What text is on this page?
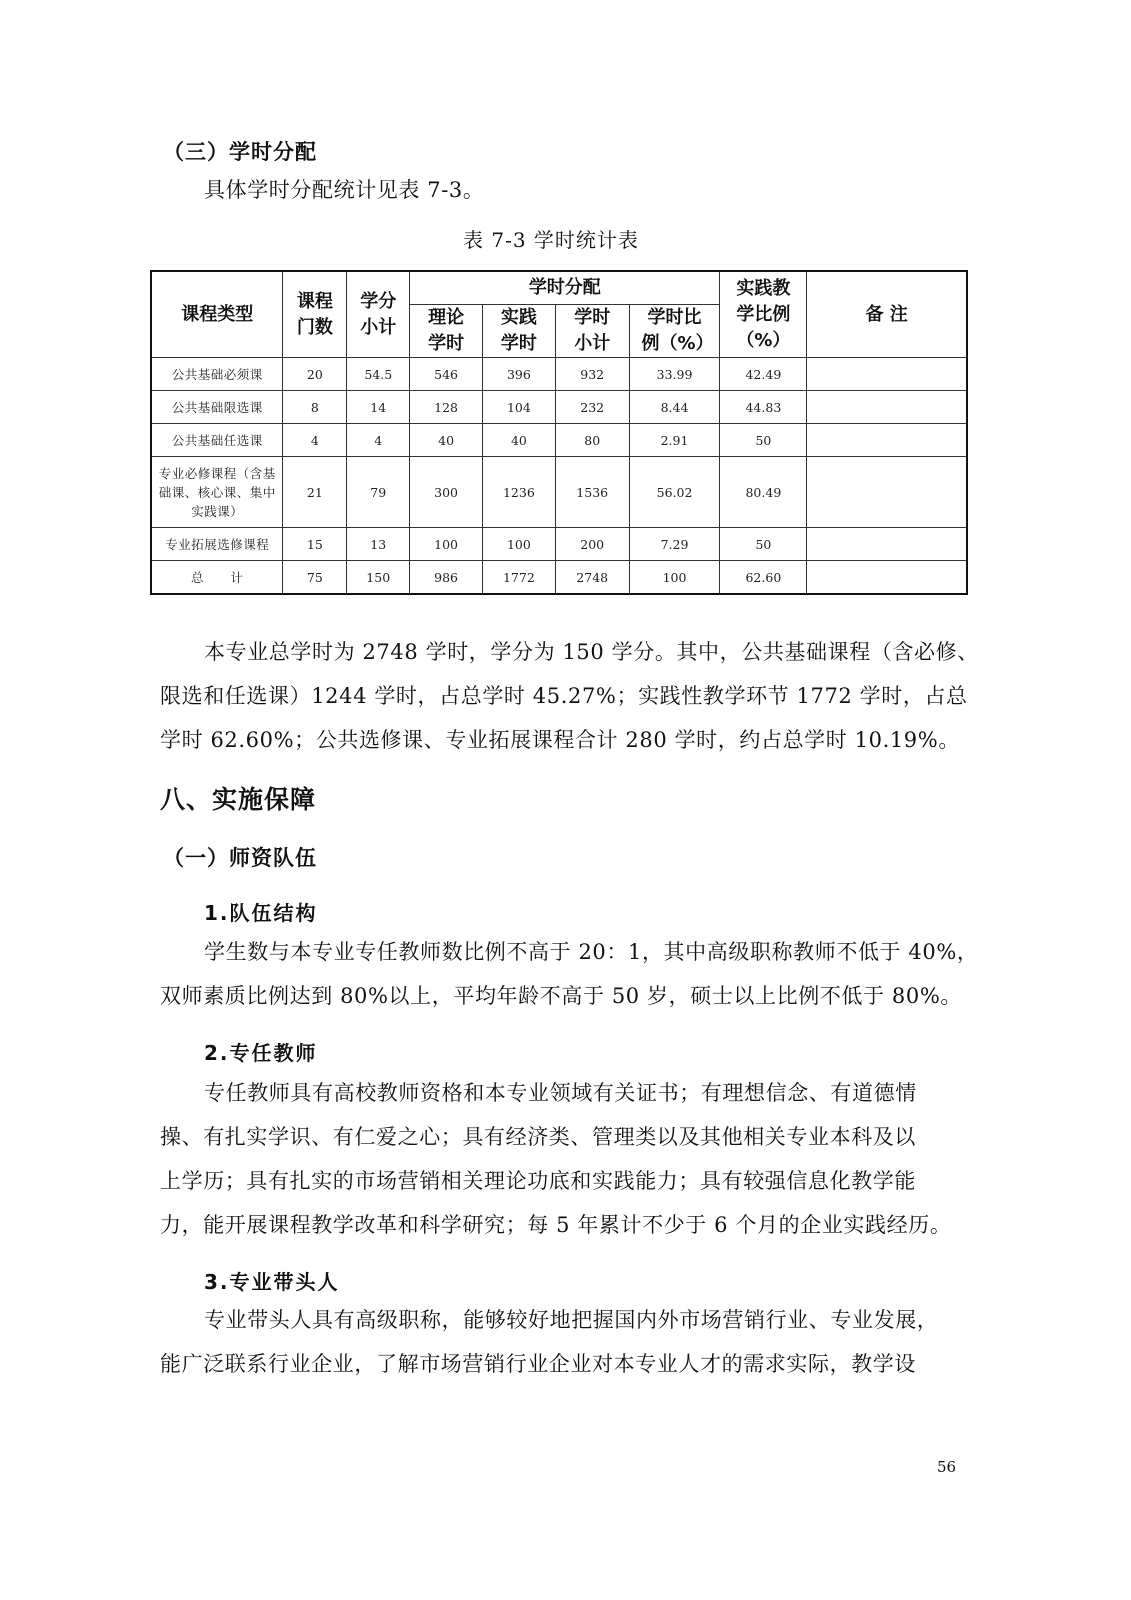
（三）学时分配
具体学时分配统计见表 7-3。
表 7-3 学时统计表
课程类型	课程门数	学分小计	学时分配				实践教学比例（%）	备 注

			理论学时	实践学时	学时小计	学时比例（%）		

公共基础必须课	20	54.5	546	396	932	33.99	42.49	
公共基础限选课	8	14	128	104	232	8.44	44.83	
公共基础任选课	4	4	40	40	80	2.91	50	

专业必修课程（含基础课、核心课、集中实践课）	21	79	300	1236	1536	56.02	80.49	
专业拓展选修课程	15	13	100	100	200	7.29	50	
总 计	75	150	986	1772	2748	100	62.60	
本专业总学时为 2748 学时，学分为 150 学分。其中，公共基础课程（含必修、
限选和任选课）1244 学时，占总学时 45.27%；实践性教学环节 1772 学时，占总
学时 62.60%；公共选修课、专业拓展课程合计 280 学时，约占总学时 10.19%。
八、实施保障
（一）师资队伍
1.队伍结构
学生数与本专业专任教师数比例不高于 20：1，其中高级职称教师不低于 40%，
双师素质比例达到 80%以上，平均年龄不高于 50 岁，硕士以上比例不低于 80%。
2.专任教师
专任教师具有高校教师资格和本专业领域有关证书；有理想信念、有道德情
操、有扎实学识、有仁爱之心；具有经济类、管理类以及其他相关专业本科及以
上学历；具有扎实的市场营销相关理论功底和实践能力；具有较强信息化教学能
力，能开展课程教学改革和科学研究；每 5 年累计不少于 6 个月的企业实践经历。
3.专业带头人
专业带头人具有高级职称，能够较好地把握国内外市场营销行业、专业发展，
能广泛联系行业企业，了解市场营销行业企业对本专业人才的需求实际，教学设
56
